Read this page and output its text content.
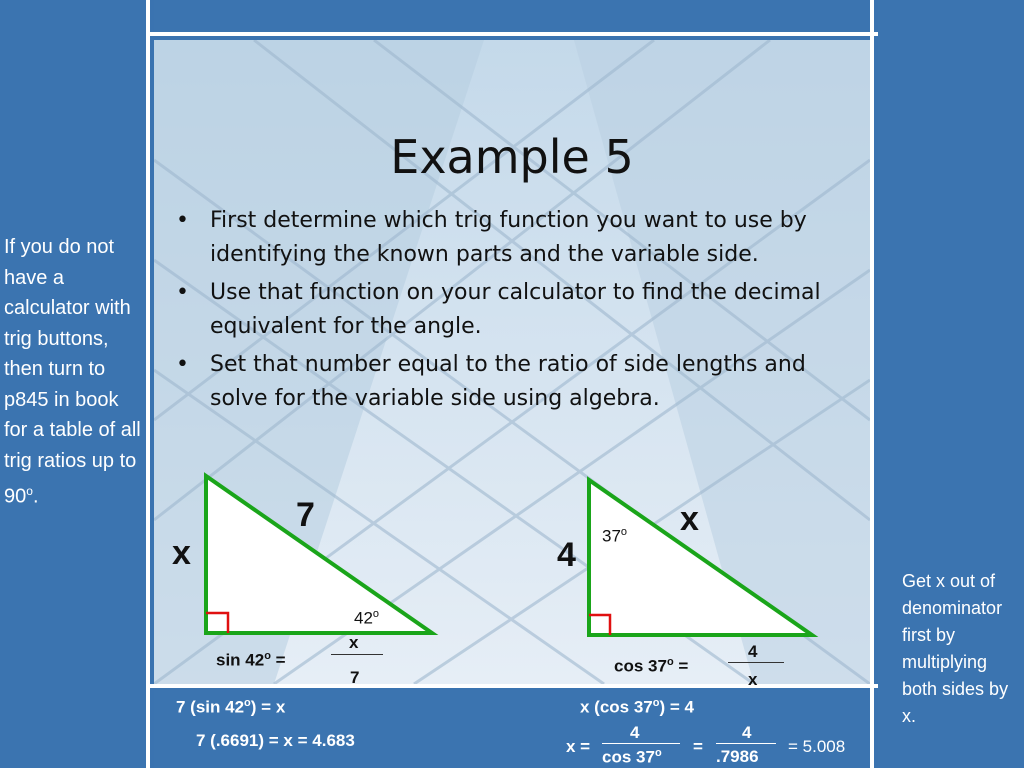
Example 5
• First determine which trig function you want to use by identifying the known parts and the variable side.
• Use that function on your calculator to find the decimal equivalent for the angle.
• Set that number equal to the ratio of side lengths and solve for the variable side using algebra.
If you do not have a calculator with trig buttons, then turn to p845 in book for a table of all trig ratios up to 90$^o$.
Get x out of denominator first by multiplying both sides by x.
7
x
42$^o$
$\sin 42^o$ =
x
7
x
4 37$^o$
$\cos 37^o$ =
4
x
7 (sin $42^o) = x$
7 (.6691) = x = 4.683
x (cos $37^o) = 4$
x =
4
$\cos 37^o$ =
4
.7986
= 5.008
